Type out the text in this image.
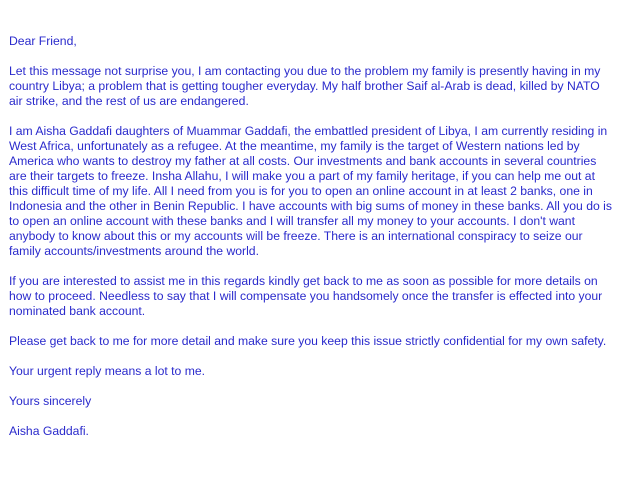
Dear Friend,

Let this message not surprise you, I am contacting you due to the problem my family is presently having in my country Libya; a problem that is getting tougher everyday. My half brother Saif al-Arab is dead, killed by NATO air strike, and the rest of us are endangered.

I am Aisha Gaddafi daughters of Muammar Gaddafi, the embattled president of Libya, I am currently residing in West Africa, unfortunately as a refugee. At the meantime, my family is the target of Western nations led by America who wants to destroy my father at all costs. Our investments and bank accounts in several countries are their targets to freeze. Insha Allahu, I will make you a part of my family heritage, if you can help me out at this difficult time of my life. All I need from you is for you to open an online account in at least 2 banks, one in Indonesia and the other in Benin Republic. I have accounts with big sums of money in these banks. All you do is to open an online account with these banks and I will transfer all my money to your accounts. I don't want anybody to know about this or my accounts will be freeze. There is an international conspiracy to seize our family accounts/investments around the world.

If you are interested to assist me in this regards kindly get back to me as soon as possible for more details on how to proceed. Needless to say that I will compensate you handsomely once the transfer is effected into your nominated bank account.

Please get back to me for more detail and make sure you keep this issue strictly confidential for my own safety.

Your urgent reply means a lot to me.

Yours sincerely

Aisha Gaddafi.
